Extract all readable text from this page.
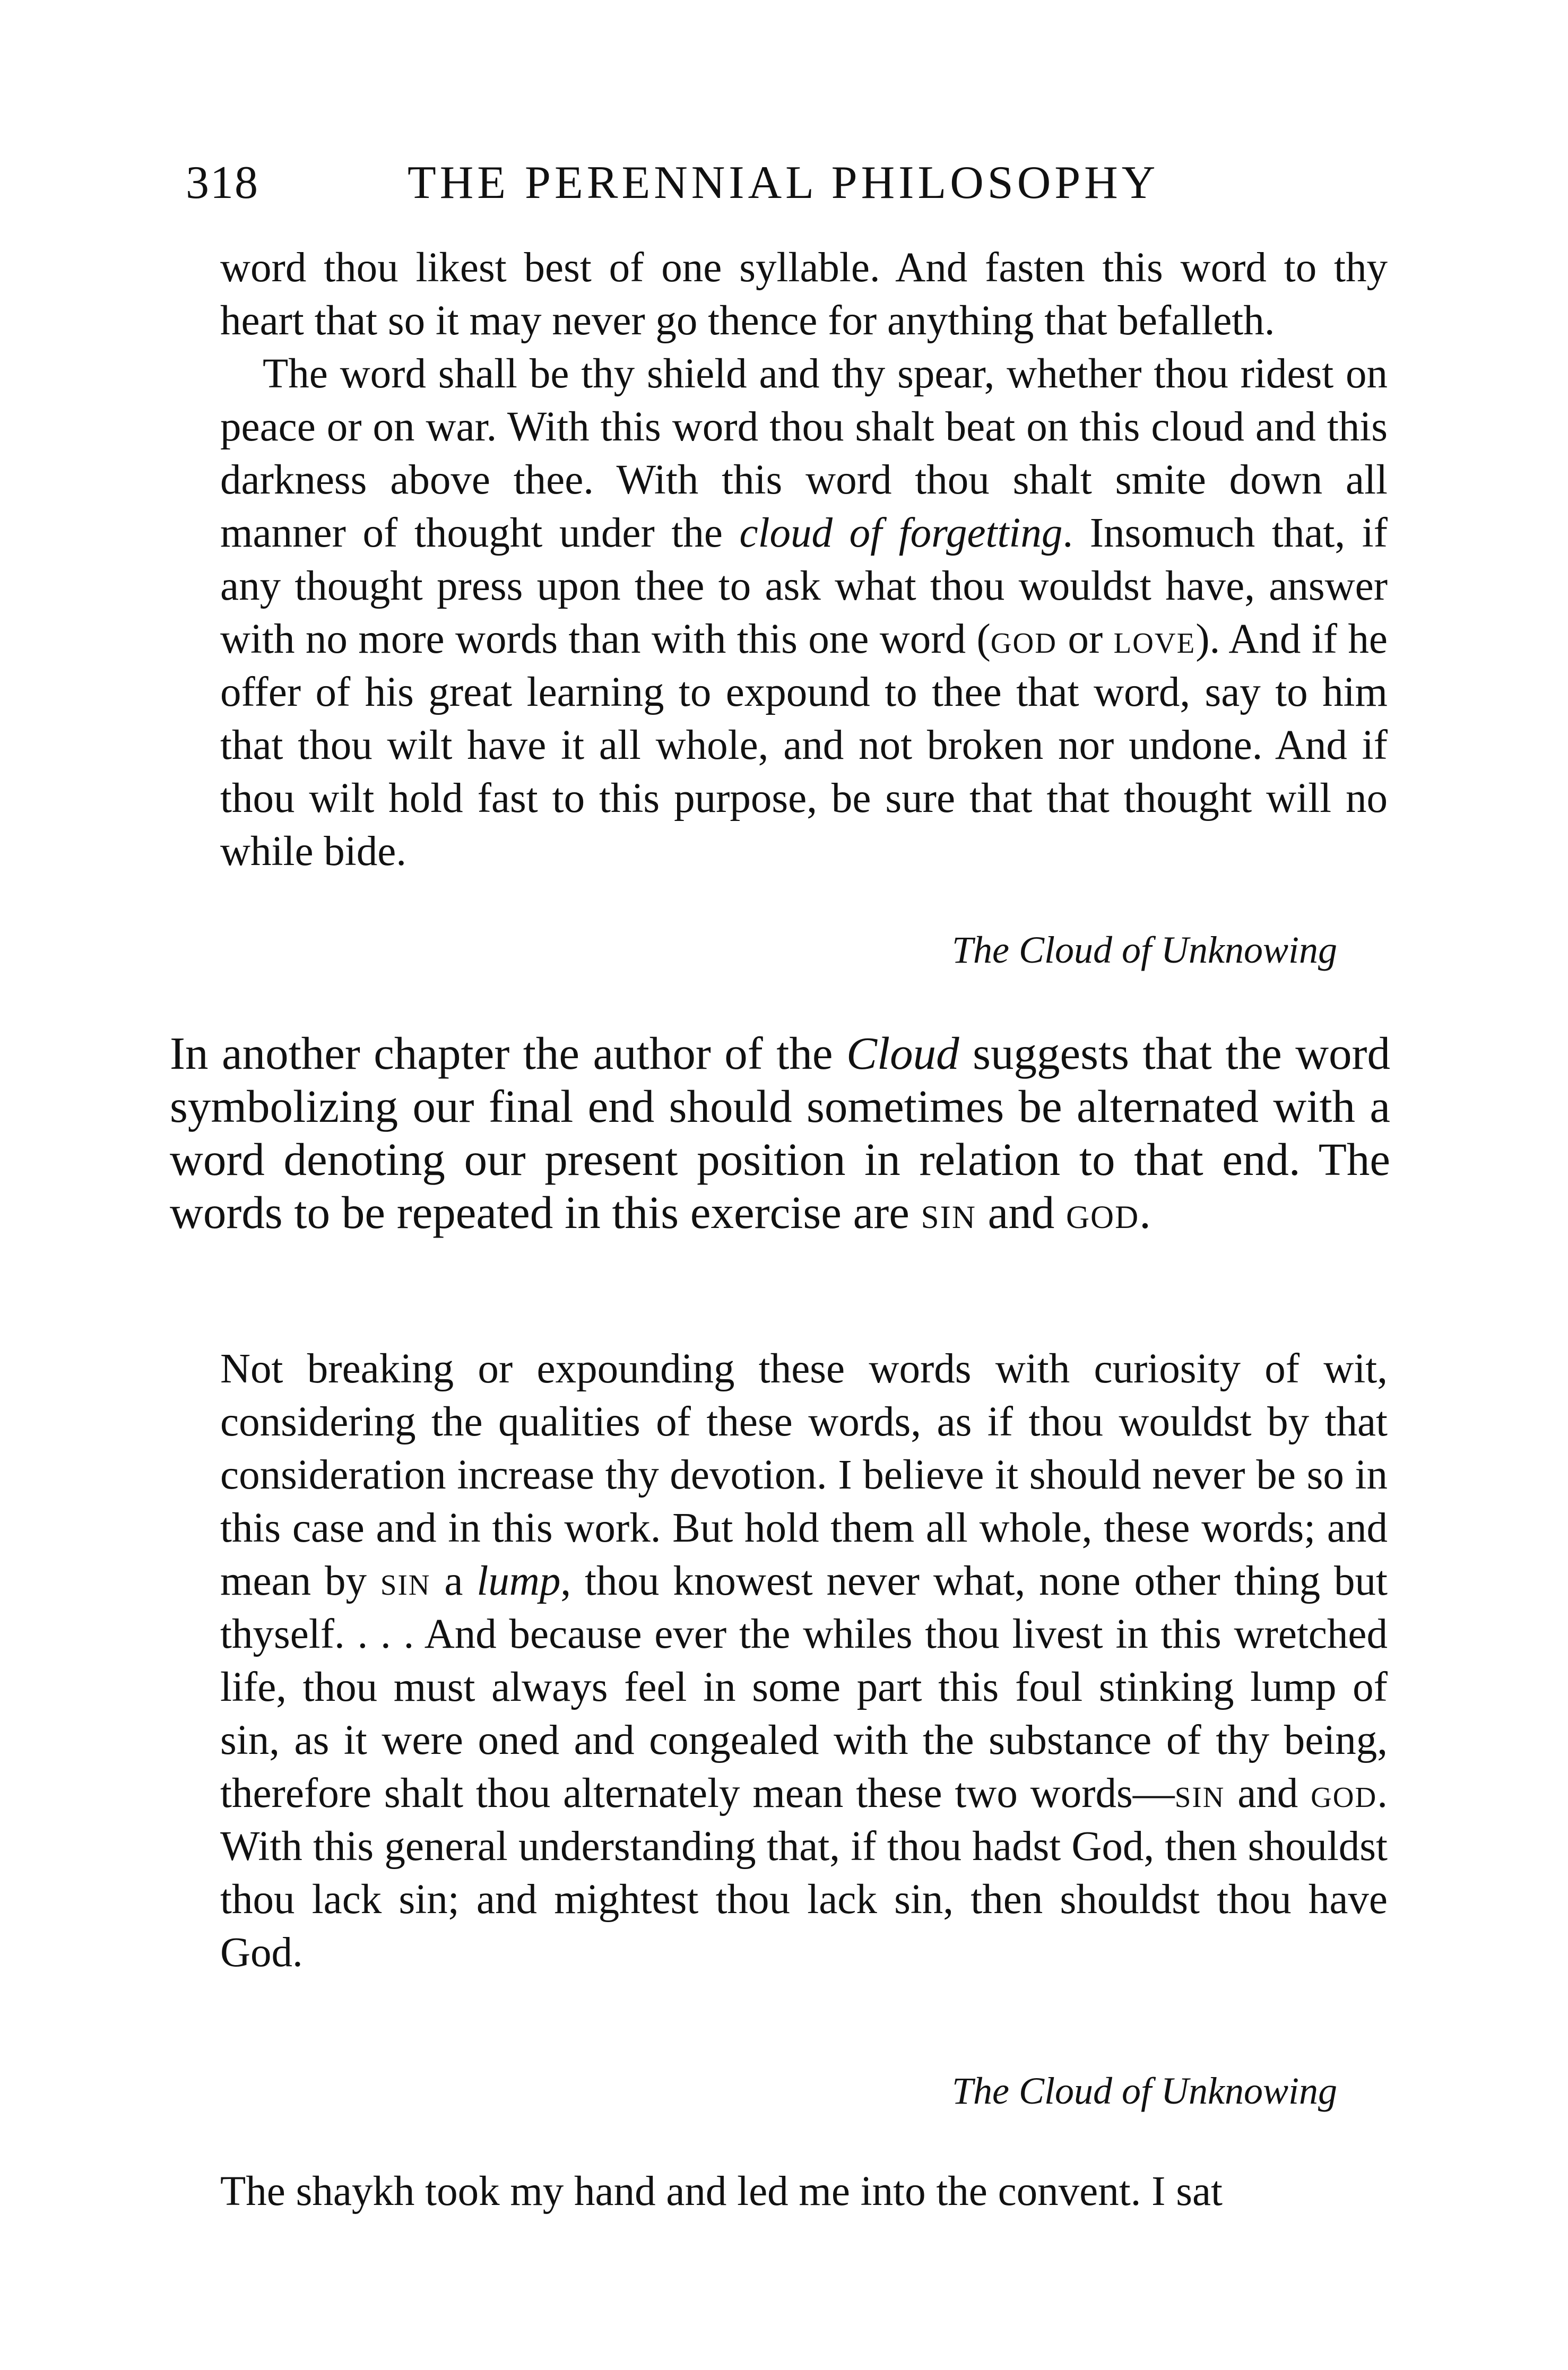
318	THE PERENNIAL PHILOSOPHY

word thou likest best of one syllable. And fasten this word to thy heart that so it may never go thence for anything that befalleth.

The word shall be thy shield and thy spear, whether thou ridest on peace or on war. With this word thou shalt beat on this cloud and this darkness above thee. With this word thou shalt smite down all manner of thought under the cloud of forgetting. Insomuch that, if any thought press upon thee to ask what thou wouldst have, answer with no more words than with this one word (god or love). And if he offer of his great learning to expound to thee that word, say to him that thou wilt have it all whole, and not broken nor undone. And if thou wilt hold fast to this purpose, be sure that that thought will no while bide.

The Cloud of Unknowing

In another chapter the author of the Cloud suggests that the word symbolizing our final end should sometimes be alternated with a word denoting our present position in relation to that end. The words to be repeated in this exercise are sin and god.

Not breaking or expounding these words with curiosity of wit, considering the qualities of these words, as if thou wouldst by that consideration increase thy devotion. I believe it should never be so in this case and in this work. But hold them all whole, these words; and mean by sin a lump, thou knowest never what, none other thing but thyself. . . . And because ever the whiles thou livest in this wretched life, thou must always feel in some part this foul stinking lump of sin, as it were oned and congealed with the substance of thy being, therefore shalt thou alternately mean these two words—sin and god. With this general understanding that, if thou hadst God, then shouldst thou lack sin; and mightest thou lack sin, then shouldst thou have God.

The Cloud of Unknowing

The shaykh took my hand and led me into the convent. I sat
